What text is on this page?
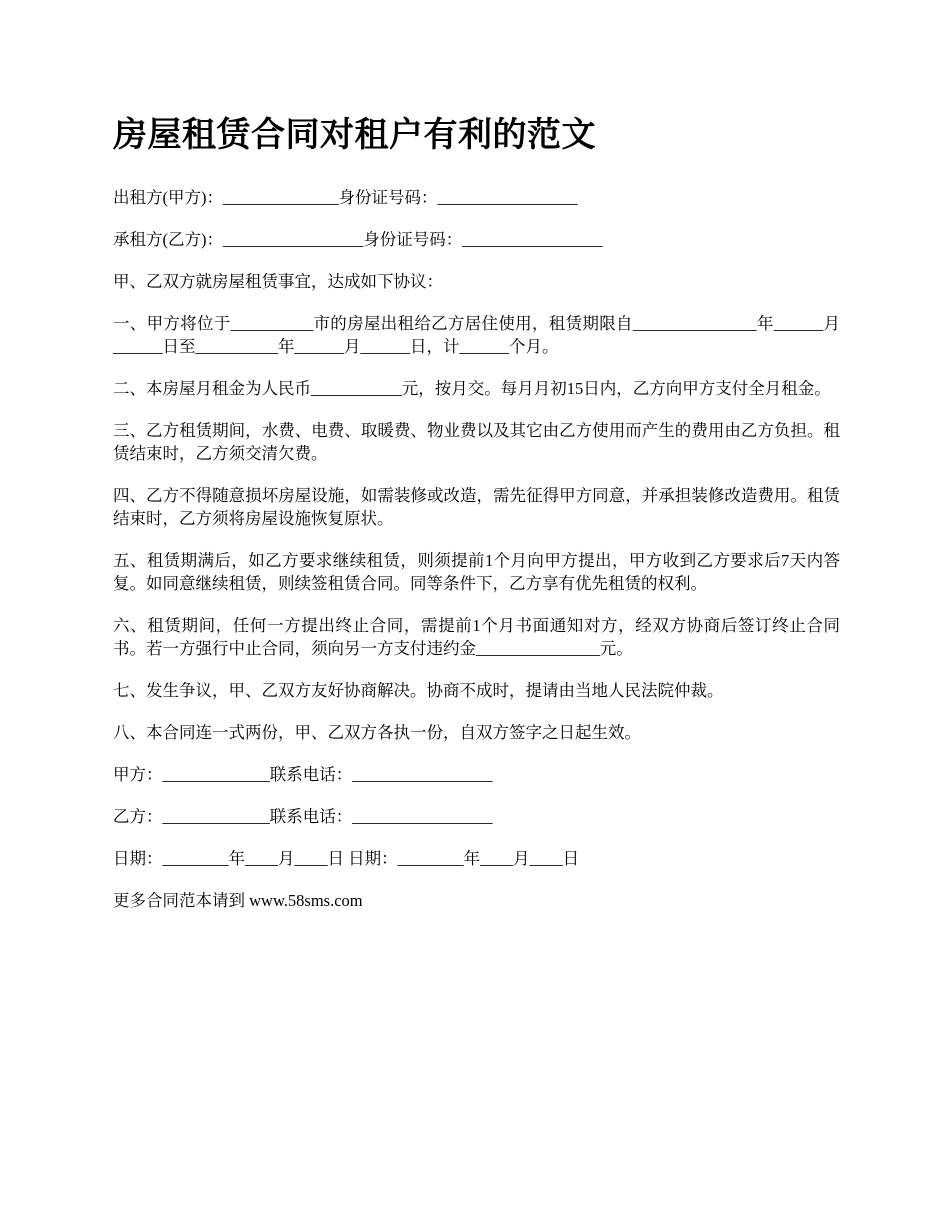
房屋租赁合同对租户有利的范文

出租方(甲方)：______________身份证号码：_________________

承租方(乙方)：_________________身份证号码：_________________

甲、乙双方就房屋租赁事宜，达成如下协议：

一、甲方将位于__________市的房屋出租给乙方居住使用，租赁期限自_______________年______月______日至__________年______月______日，计______个月。

二、本房屋月租金为人民币___________元，按月交。每月月初15日内，乙方向甲方支付全月租金。

三、乙方租赁期间，水费、电费、取暖费、物业费以及其它由乙方使用而产生的费用由乙方负担。租赁结束时，乙方须交清欠费。

四、乙方不得随意损坏房屋设施，如需装修或改造，需先征得甲方同意，并承担装修改造费用。租赁结束时，乙方须将房屋设施恢复原状。

五、租赁期满后，如乙方要求继续租赁，则须提前1个月向甲方提出，甲方收到乙方要求后7天内答复。如同意继续租赁，则续签租赁合同。同等条件下，乙方享有优先租赁的权利。

六、租赁期间，任何一方提出终止合同，需提前1个月书面通知对方，经双方协商后签订终止合同书。若一方强行中止合同，须向另一方支付违约金_______________元。

七、发生争议，甲、乙双方友好协商解决。协商不成时，提请由当地人民法院仲裁。

八、本合同连一式两份，甲、乙双方各执一份，自双方签字之日起生效。

甲方：_____________联系电话：_________________

乙方：_____________联系电话：_________________

日期：________年____月____日 日期：________年____月____日

更多合同范本请到 www.58sms.com
